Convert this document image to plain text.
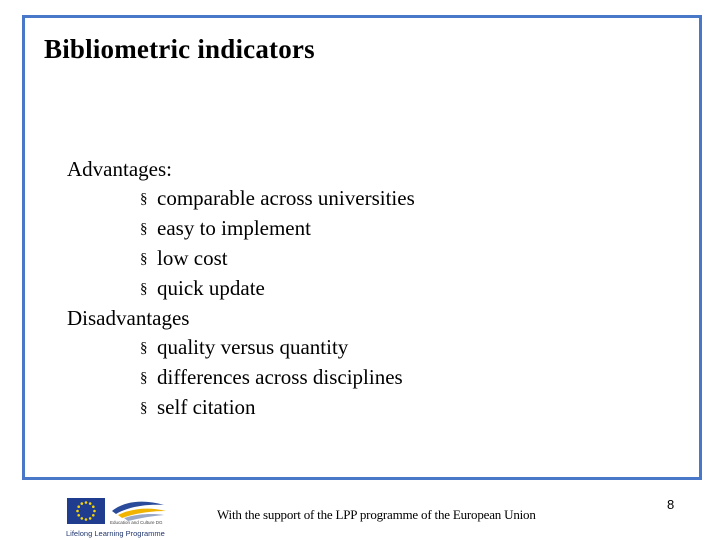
Bibliometric indicators
Advantages:
§ comparable across universities
§ easy to implement
§ low cost
§ quick update
Disadvantages
§ quality versus quantity
§ differences across disciplines
§ self citation
Education and Culture DG
Lifelong Learning Programme
With the support of the LPP programme of the European Union
8
